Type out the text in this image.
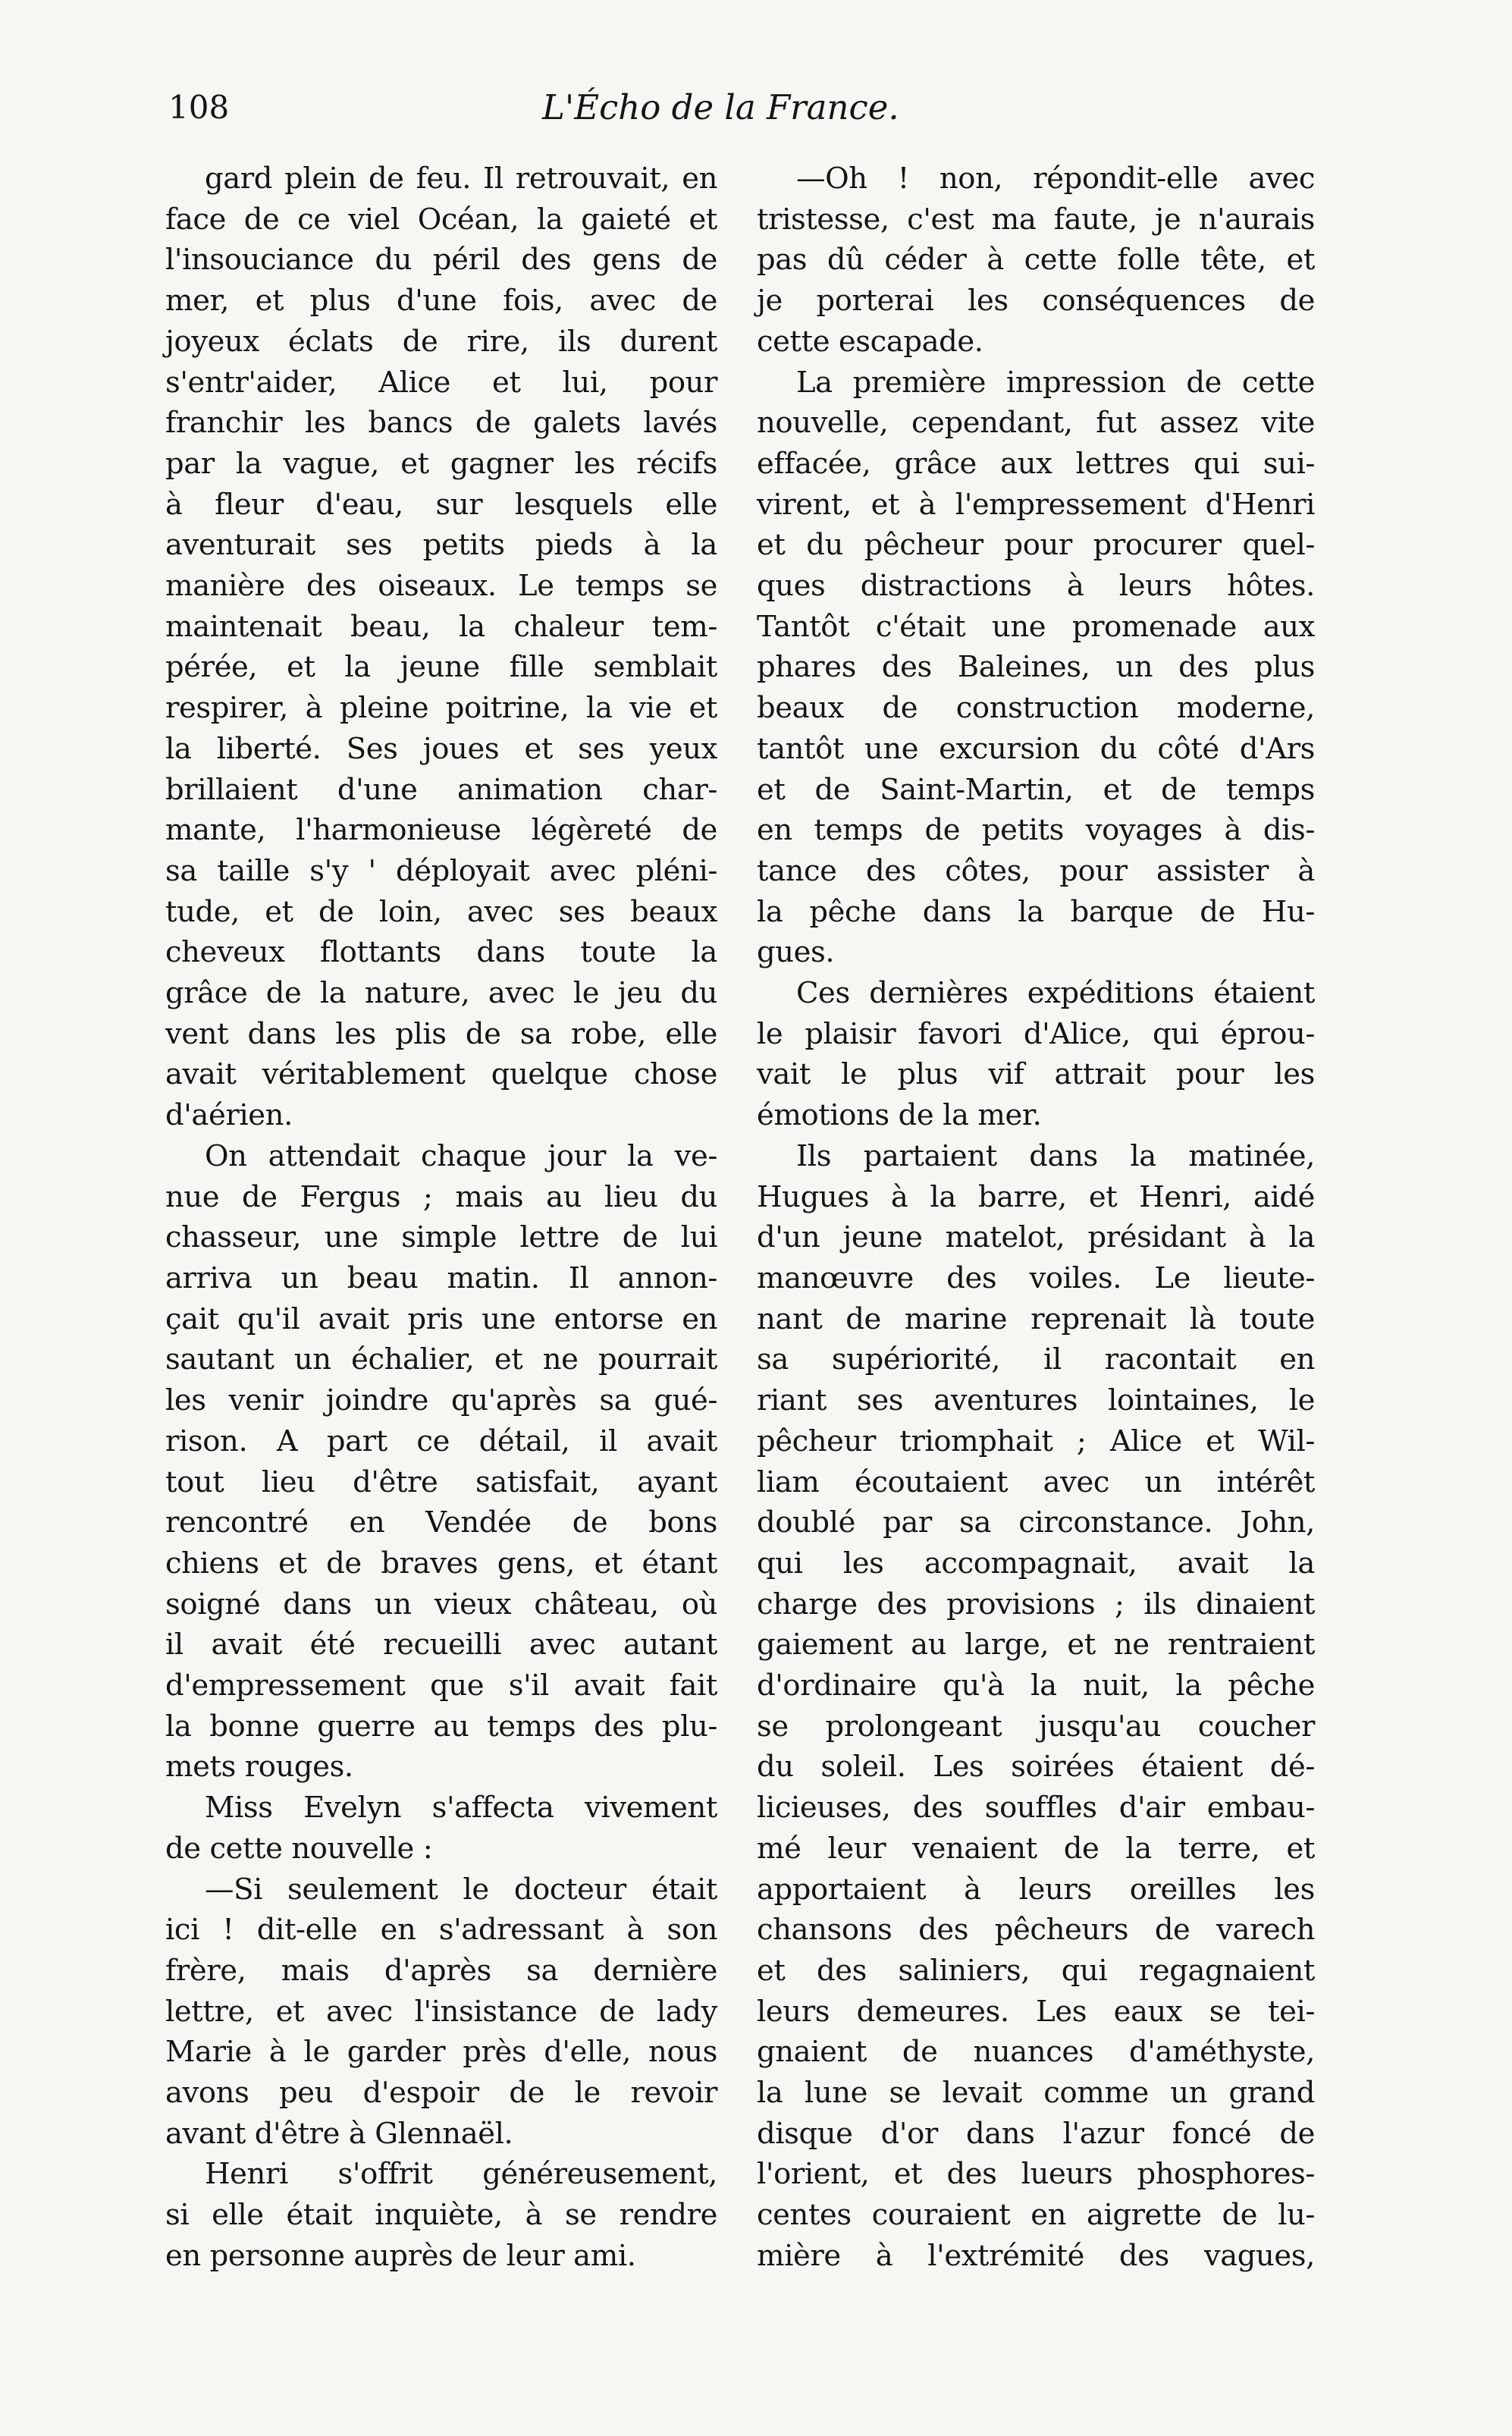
108	L'Écho de la France.

gard plein de feu. Il retrouvait, en
face de ce viel Océan, la gaieté et
l'insouciance du péril des gens de
mer, et plus d'une fois, avec de
joyeux éclats de rire, ils durent
s'entr'aider, Alice et lui, pour
franchir les bancs de galets lavés
par la vague, et gagner les récifs
à fleur d'eau, sur lesquels elle
aventurait ses petits pieds à la
manière des oiseaux. Le temps se
maintenait beau, la chaleur tem-
pérée, et la jeune fille semblait
respirer, à pleine poitrine, la vie et
la liberté. Ses joues et ses yeux
brillaient d'une animation char-
mante, l'harmonieuse légèreté de
sa taille s'y ' déployait avec pléni-
tude, et de loin, avec ses beaux
cheveux flottants dans toute la
grâce de la nature, avec le jeu du
vent dans les plis de sa robe, elle
avait véritablement quelque chose
d'aérien.

On attendait chaque jour la ve-
nue de Fergus ; mais au lieu du
chasseur, une simple lettre de lui
arriva un beau matin. Il annon-
çait qu'il avait pris une entorse en
sautant un échalier, et ne pourrait
les venir joindre qu'après sa gué-
rison. A part ce détail, il avait
tout lieu d'être satisfait, ayant
rencontré en Vendée de bons
chiens et de braves gens, et étant
soigné dans un vieux château, où
il avait été recueilli avec autant
d'empressement que s'il avait fait
la bonne guerre au temps des plu-
mets rouges.

Miss Evelyn s'affecta vivement
de cette nouvelle :

—Si seulement le docteur était
ici ! dit-elle en s'adressant à son
frère, mais d'après sa dernière
lettre, et avec l'insistance de lady
Marie à le garder près d'elle, nous
avons peu d'espoir de le revoir
avant d'être à Glennaël.

Henri s'offrit généreusement,
si elle était inquiète, à se rendre
en personne auprès de leur ami.

—Oh ! non, répondit-elle avec
tristesse, c'est ma faute, je n'aurais
pas dû céder à cette folle tête, et
je porterai les conséquences de
cette escapade.

La première impression de cette
nouvelle, cependant, fut assez vite
effacée, grâce aux lettres qui sui-
virent, et à l'empressement d'Henri
et du pêcheur pour procurer quel-
ques distractions à leurs hôtes.
Tantôt c'était une promenade aux
phares des Baleines, un des plus
beaux de construction moderne,
tantôt une excursion du côté d'Ars
et de Saint-Martin, et de temps
en temps de petits voyages à dis-
tance des côtes, pour assister à
la pêche dans la barque de Hu-
gues.

Ces dernières expéditions étaient
le plaisir favori d'Alice, qui éprou-
vait le plus vif attrait pour les
émotions de la mer.

Ils partaient dans la matinée,
Hugues à la barre, et Henri, aidé
d'un jeune matelot, présidant à la
manœuvre des voiles. Le lieute-
nant de marine reprenait là toute
sa supériorité, il racontait en
riant ses aventures lointaines, le
pêcheur triomphait ; Alice et Wil-
liam écoutaient avec un intérêt
doublé par sa circonstance. John,
qui les accompagnait, avait la
charge des provisions ; ils dinaient
gaiement au large, et ne rentraient
d'ordinaire qu'à la nuit, la pêche
se prolongeant jusqu'au coucher
du soleil. Les soirées étaient dé-
licieuses, des souffles d'air embau-
mé leur venaient de la terre, et
apportaient à leurs oreilles les
chansons des pêcheurs de varech
et des saliniers, qui regagnaient
leurs demeures. Les eaux se tei-
gnaient de nuances d'améthyste,
la lune se levait comme un grand
disque d'or dans l'azur foncé de
l'orient, et des lueurs phosphores-
centes couraient en aigrette de lu-
mière à l'extrémité des vagues,
